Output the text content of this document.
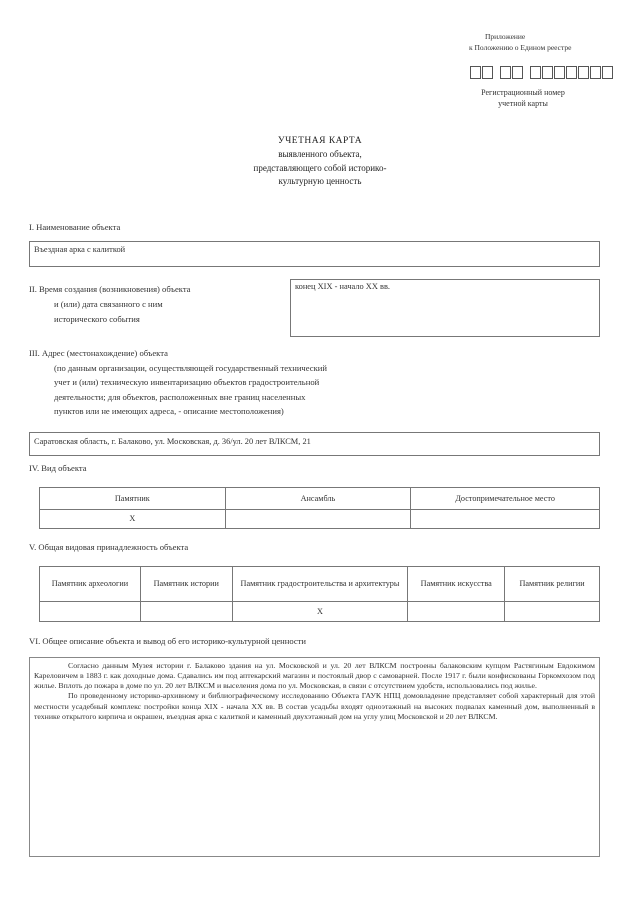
Приложение
к Положению о Едином реестре
Регистрационный номер
учетной карты
УЧЕТНАЯ КАРТА
выявленного объекта,
представляющего собой историко-
культурную ценность
I. Наименование объекта
Въездная арка с калиткой
II. Время создания (возникновения) объекта
и (или) дата связанного с ним
исторического события
конец XIX - начало XX вв.
III. Адрес (местонахождение) объекта
(по данным организации, осуществляющей государственный технический
учет и (или) техническую инвентаризацию объектов градостроительной
деятельности; для объектов, расположенных вне границ населенных
пунктов или не имеющих адреса, - описание местоположения)
Саратовская область, г. Балаково, ул. Московская, д. 36/ул. 20 лет ВЛКСМ, 21
IV. Вид объекта
Памятник	Ансамбль	Достопримечательное место
X		
V. Общая видовая принадлежность объекта
Памятник археологии	Памятник истории	Памятник градостроительства и архитектуры	Памятник искусства	Памятник религии
		X		
VI. Общее описание объекта и вывод об его историко-культурной ценности

Согласно данным Музея истории г. Балаково здания на ул. Московской и ул. 20 лет ВЛКСМ построены балаковским купцом Растягиным Евдокимом Кареловичем в 1883 г. как доходные дома. Сдавались им под аптекарский магазин и постоялый двор с самоварней. После 1917 г. были конфискованы Горкомхозом под жилье. Вплоть до пожара в доме по ул. 20 лет ВЛКСМ и выселения дома по ул. Московская, в связи с отсутствием удобств, использовались под жилье.

По проведенному историко-архивному и библиографическому исследованию Объекта ГАУК НПЦ домовладение представляет собой характерный для этой местности усадебный комплекс постройки конца XIX - начала XX вв. В состав усадьбы входят одноэтажный на высоких подвалах каменный дом, выполненный в технике открытого кирпича и окрашен, въездная арка с калиткой и каменный двухэтажный дом на углу улиц Московской и 20 лет ВЛКСМ.
